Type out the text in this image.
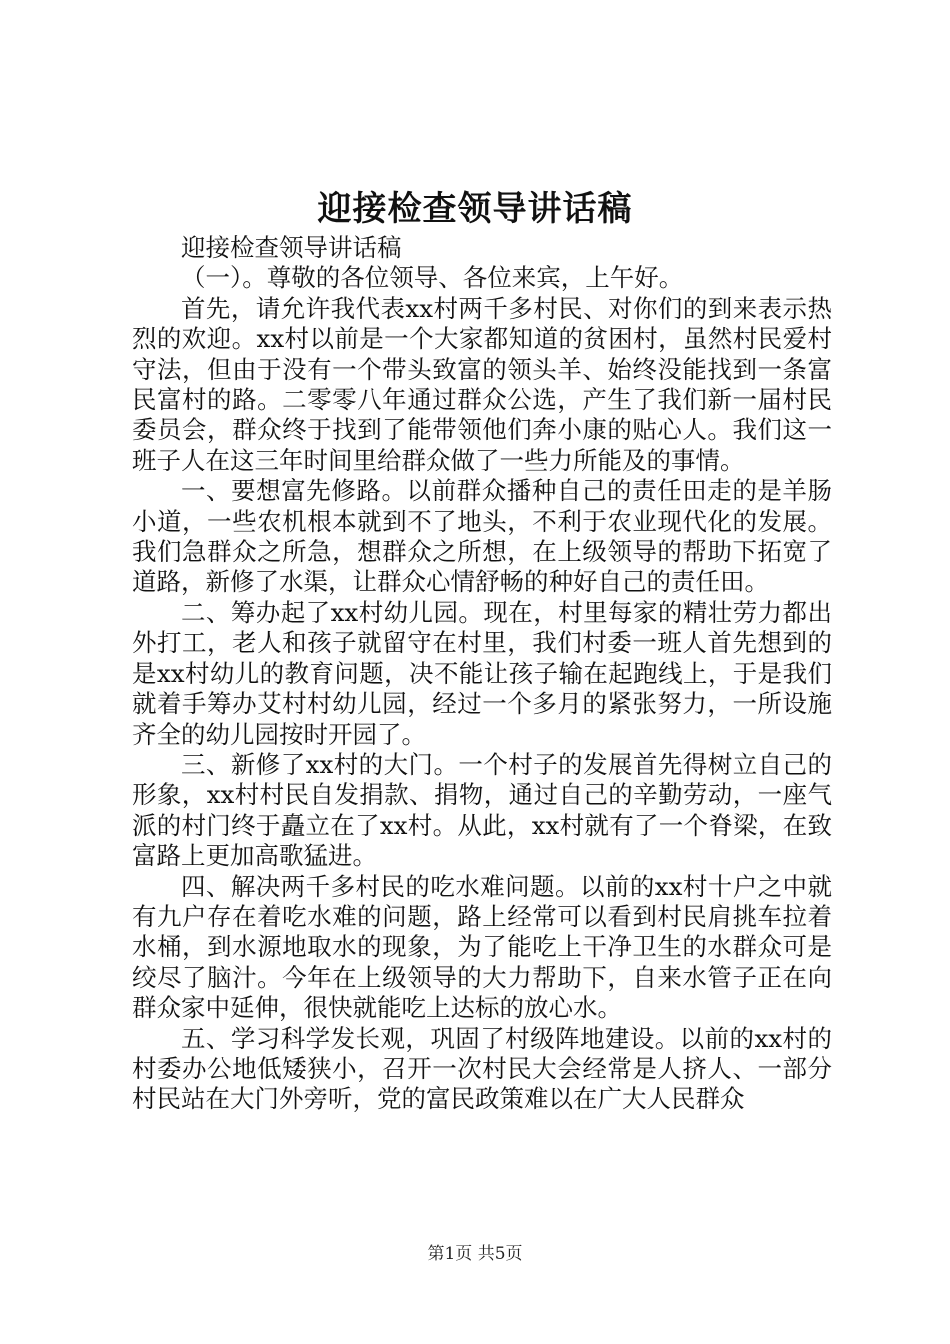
迎接检查领导讲话稿

迎接检查领导讲话稿

（一）。尊敬的各位领导、各位来宾，上午好。

首先，请允许我代表xx村两千多村民、对你们的到来表示热烈的欢迎。xx村以前是一个大家都知道的贫困村，虽然村民爱村守法，但由于没有一个带头致富的领头羊、始终没能找到一条富民富村的路。二零零八年通过群众公选，产生了我们新一届村民委员会，群众终于找到了能带领他们奔小康的贴心人。我们这一班子人在这三年时间里给群众做了一些力所能及的事情。

一、要想富先修路。以前群众播种自己的责任田走的是羊肠小道，一些农机根本就到不了地头，不利于农业现代化的发展。我们急群众之所急，想群众之所想，在上级领导的帮助下拓宽了道路，新修了水渠，让群众心情舒畅的种好自己的责任田。

二、筹办起了xx村幼儿园。现在，村里每家的精壮劳力都出外打工，老人和孩子就留守在村里，我们村委一班人首先想到的是xx村幼儿的教育问题，决不能让孩子输在起跑线上，于是我们就着手筹办艾村村幼儿园，经过一个多月的紧张努力，一所设施齐全的幼儿园按时开园了。

三、新修了xx村的大门。一个村子的发展首先得树立自己的形象，xx村村民自发捐款、捐物，通过自己的辛勤劳动，一座气派的村门终于矗立在了xx村。从此，xx村就有了一个脊梁，在致富路上更加高歌猛进。

四、解决两千多村民的吃水难问题。以前的xx村十户之中就有九户存在着吃水难的问题，路上经常可以看到村民肩挑车拉着水桶，到水源地取水的现象，为了能吃上干净卫生的水群众可是绞尽了脑汁。今年在上级领导的大力帮助下，自来水管子正在向群众家中延伸，很快就能吃上达标的放心水。

五、学习科学发长观，巩固了村级阵地建设。以前的xx村的村委办公地低矮狭小，召开一次村民大会经常是人挤人、一部分村民站在大门外旁听，党的富民政策难以在广大人民群众

第1页 共5页
